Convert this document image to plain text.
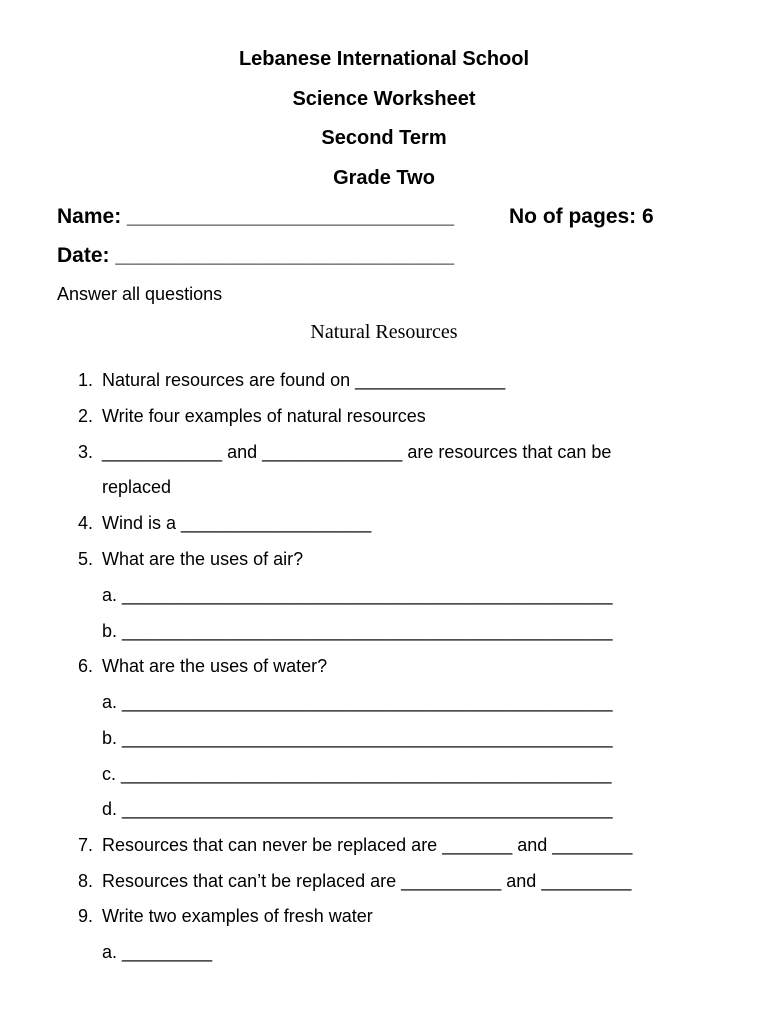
Lebanese International School
Science Worksheet
Second Term
Grade Two
Name: ____________________________	No of pages: 6
Date: _____________________________
Answer all questions
Natural Resources
1. Natural resources are found on _______________
2. Write four examples of natural resources
3. ____________ and ______________ are resources that can be
replaced
4. Wind is a ___________________
5. What are the uses of air?
a. _________________________________________________
b. _________________________________________________
6. What are the uses of water?
a. _________________________________________________
b. _________________________________________________
c. _________________________________________________
d. _________________________________________________
7. Resources that can never be replaced are _______ and ________
8. Resources that can’t be replaced are __________ and _________
9. Write two examples of fresh water
a. _________
